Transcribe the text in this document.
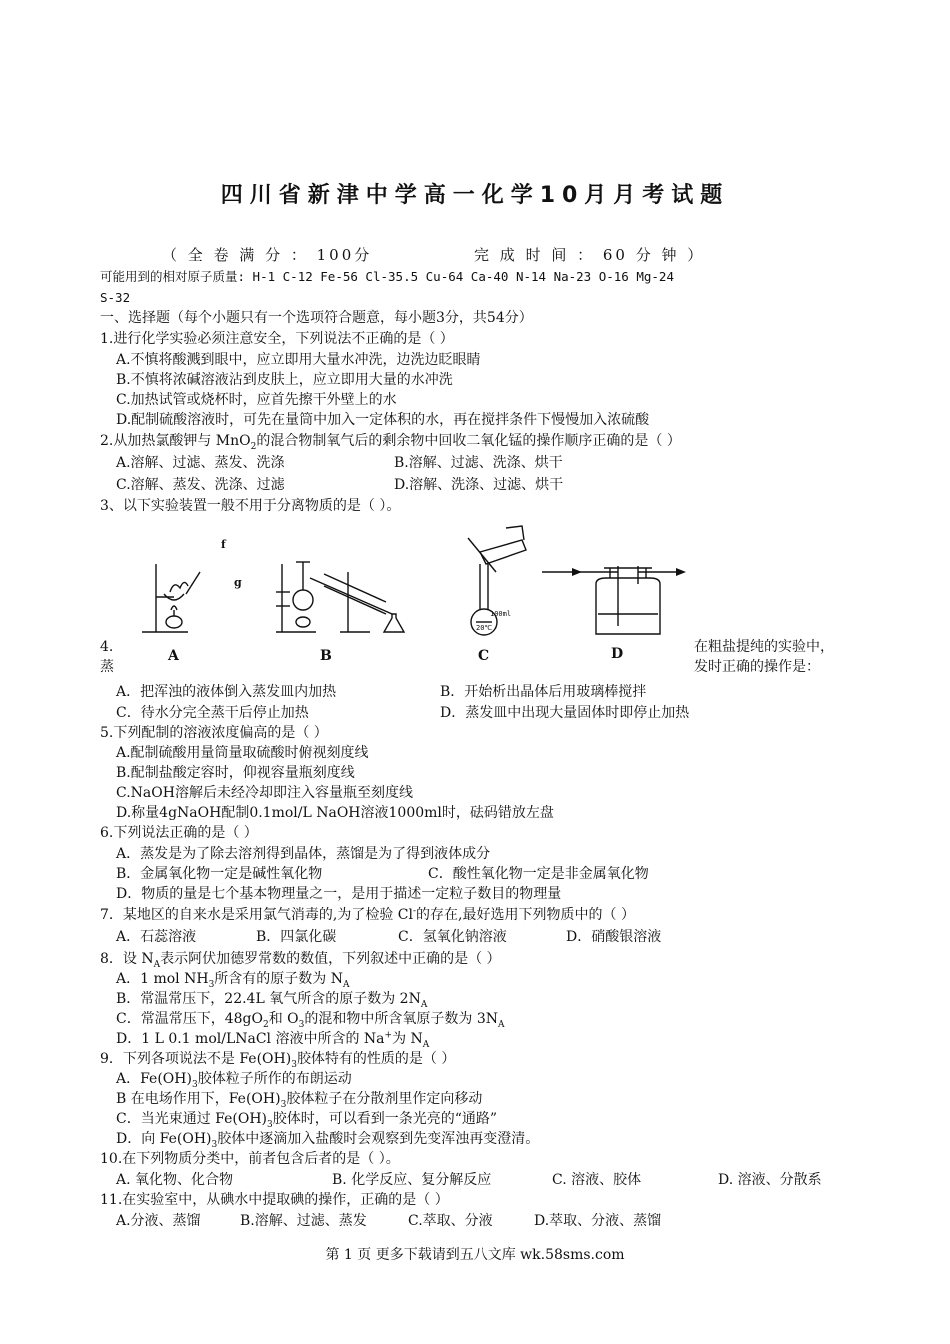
四川省新津中学高一化学10月月考试题
（ 全 卷 满 分 ： 100分	完 成 时 间 ： 60 分 钟 ）
可能用到的相对原子质量: H-1 C-12 Fe-56 Cl-35.5 Cu-64 Ca-40 N-14 Na-23 O-16 Mg-24
S-32
一、选择题（每个小题只有一个选项符合题意，每小题3分，共54分）
1.进行化学实验必须注意安全，下列说法不正确的是（ ）
A.不慎将酸溅到眼中，应立即用大量水冲洗，边洗边眨眼睛
B.不慎将浓碱溶液沾到皮肤上，应立即用大量的水冲洗
C.加热试管或烧杯时，应首先擦干外壁上的水
D.配制硫酸溶液时，可先在量筒中加入一定体积的水，再在搅拌条件下慢慢加入浓硫酸
2.从加热氯酸钾与 MnO$_2$的混合物制氧气后的剩余物中回收二氧化锰的操作顺序正确的是（ ）
A.溶解、过滤、蒸发、洗涤	B.溶解、过滤、洗涤、烘干
C.溶解、蒸发、洗涤、过滤	D.溶解、洗涤、过滤、烘干
3、以下实验装置一般不用于分离物质的是（ ）。
100ml
20℃
f
g
A	B	C	D
4.
蒸
在粗盐提纯的实验中，
发时正确的操作是：
A．把浑浊的液体倒入蒸发皿内加热	B．开始析出晶体后用玻璃棒搅拌
C．待水分完全蒸干后停止加热	D．蒸发皿中出现大量固体时即停止加热
5.下列配制的溶液浓度偏高的是（ ）
A.配制硫酸用量筒量取硫酸时俯视刻度线
B.配制盐酸定容时，仰视容量瓶刻度线
C.NaOH溶解后未经冷却即注入容量瓶至刻度线
D.称量4gNaOH配制0.1mol/L NaOH溶液1000ml时，砝码错放左盘
6.下列说法正确的是（ ）
A．蒸发是为了除去溶剂得到晶体，蒸馏是为了得到液体成分
B．金属氧化物一定是碱性氧化物	C．酸性氧化物一定是非金属氧化物
D．物质的量是七个基本物理量之一，是用于描述一定粒子数目的物理量
7．某地区的自来水是采用氯气消毒的,为了检验 Cl-的存在,最好选用下列物质中的（ ）
A．石蕊溶液	B．四氯化碳	C．氢氧化钠溶液	D．硝酸银溶液
8．设 $N_A$表示阿伏加德罗常数的数值，下列叙述中正确的是（ ）
A．1 mol $NH_3$所含有的原子数为 $N_A$
B．常温常压下，22.4L 氧气所含的原子数为 $2N_A$
C．常温常压下，$48gO_2$和 $O_3$的混和物中所含氧原子数为 $3N_A$
D．1 L 0.1 mol/LNaCl 溶液中所含的 Na+为 $N_A$
9．下列各项说法不是 $Fe(OH)_3$胶体特有的性质的是（ ）
A．$Fe(OH)_3$胶体粒子所作的布朗运动
B 在电场作用下，$Fe(OH)_3$胶体粒子在分散剂里作定向移动
C．当光束通过 $Fe(OH)_3$胶体时，可以看到一条光亮的“通路”
D．向 $Fe(OH)_3$胶体中逐滴加入盐酸时会观察到先变浑浊再变澄清。
10.在下列物质分类中，前者包含后者的是（ ）。
A. 氧化物、化合物	B. 化学反应、复分解反应	C. 溶液、胶体	D. 溶液、分散系
11.在实验室中，从碘水中提取碘的操作，正确的是（ ）
A.分液、蒸馏	B.溶解、过滤、蒸发	C.萃取、分液	D.萃取、分液、蒸馏
第 1 页 更多下载请到五八文库 wk.58sms.com
